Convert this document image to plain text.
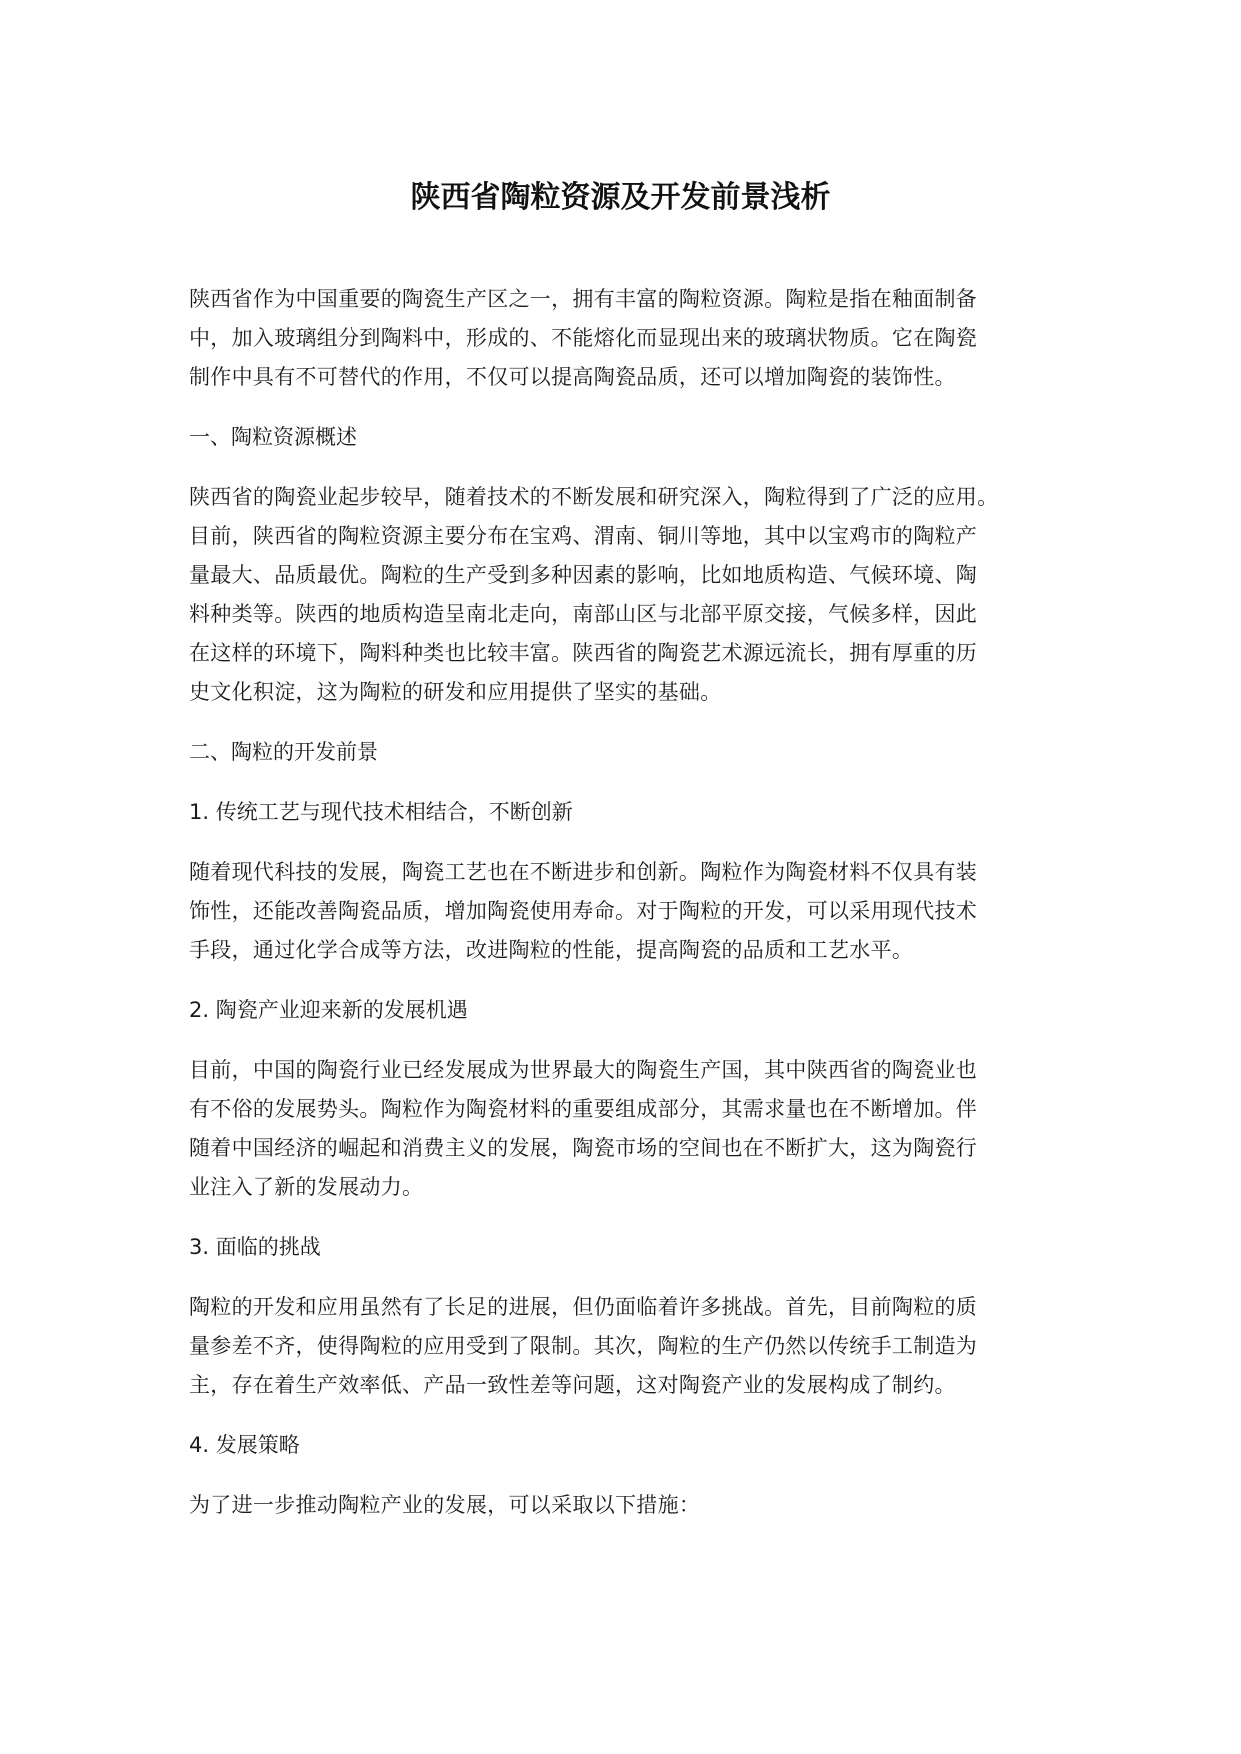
陕西省陶粒资源及开发前景浅析

陕西省作为中国重要的陶瓷生产区之一，拥有丰富的陶粒资源。陶粒是指在釉面制备
中，加入玻璃组分到陶料中，形成的、不能熔化而显现出来的玻璃状物质。它在陶瓷
制作中具有不可替代的作用，不仅可以提高陶瓷品质，还可以增加陶瓷的装饰性。

一、陶粒资源概述

陕西省的陶瓷业起步较早，随着技术的不断发展和研究深入，陶粒得到了广泛的应用。
目前，陕西省的陶粒资源主要分布在宝鸡、渭南、铜川等地，其中以宝鸡市的陶粒产
量最大、品质最优。陶粒的生产受到多种因素的影响，比如地质构造、气候环境、陶
料种类等。陕西的地质构造呈南北走向，南部山区与北部平原交接，气候多样，因此
在这样的环境下，陶料种类也比较丰富。陕西省的陶瓷艺术源远流长，拥有厚重的历
史文化积淀，这为陶粒的研发和应用提供了坚实的基础。

二、陶粒的开发前景

1. 传统工艺与现代技术相结合，不断创新

随着现代科技的发展，陶瓷工艺也在不断进步和创新。陶粒作为陶瓷材料不仅具有装
饰性，还能改善陶瓷品质，增加陶瓷使用寿命。对于陶粒的开发，可以采用现代技术
手段，通过化学合成等方法，改进陶粒的性能，提高陶瓷的品质和工艺水平。

2. 陶瓷产业迎来新的发展机遇

目前，中国的陶瓷行业已经发展成为世界最大的陶瓷生产国，其中陕西省的陶瓷业也
有不俗的发展势头。陶粒作为陶瓷材料的重要组成部分，其需求量也在不断增加。伴
随着中国经济的崛起和消费主义的发展，陶瓷市场的空间也在不断扩大，这为陶瓷行
业注入了新的发展动力。

3. 面临的挑战

陶粒的开发和应用虽然有了长足的进展，但仍面临着许多挑战。首先，目前陶粒的质
量参差不齐，使得陶粒的应用受到了限制。其次，陶粒的生产仍然以传统手工制造为
主，存在着生产效率低、产品一致性差等问题，这对陶瓷产业的发展构成了制约。

4. 发展策略

为了进一步推动陶粒产业的发展，可以采取以下措施：
